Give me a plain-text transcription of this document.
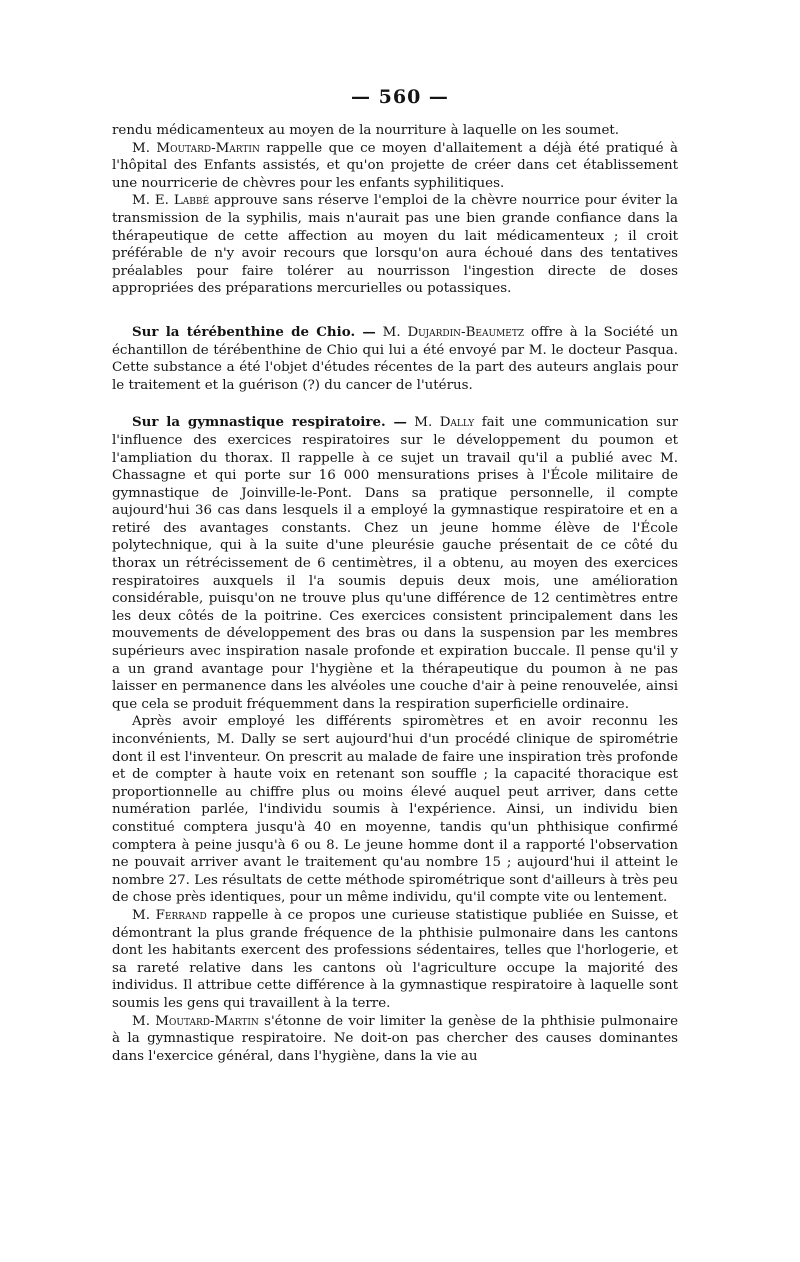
— 560 —

rendu médicamenteux au moyen de la nourriture à laquelle on les soumet.

M. Moutard-Martin rappelle que ce moyen d'allaitement a déjà été pratiqué à l'hôpital des Enfants assistés, et qu'on projette de créer dans cet établissement une nourricerie de chèvres pour les enfants syphilitiques.

M. E. Labbé approuve sans réserve l'emploi de la chèvre nourrice pour éviter la transmission de la syphilis, mais n'aurait pas une bien grande confiance dans la thérapeutique de cette affection au moyen du lait médicamenteux ; il croit préférable de n'y avoir recours que lorsqu'on aura échoué dans des tentatives préalables pour faire tolérer au nourrisson l'ingestion directe de doses appropriées des préparations mercurielles ou potassiques.

Sur la térébenthine de Chio. — M. Dujardin-Beaumetz offre à la Société un échantillon de térébenthine de Chio qui lui a été envoyé par M. le docteur Pasqua. Cette substance a été l'objet d'études récentes de la part des auteurs anglais pour le traitement et la guérison (?) du cancer de l'utérus.

Sur la gymnastique respiratoire. — M. Dally fait une communication sur l'influence des exercices respiratoires sur le développement du poumon et l'ampliation du thorax. Il rappelle à ce sujet un travail qu'il a publié avec M. Chassagne et qui porte sur 16 000 mensurations prises à l'École militaire de gymnastique de Joinville-le-Pont. Dans sa pratique personnelle, il compte aujourd'hui 36 cas dans lesquels il a employé la gymnastique respiratoire et en a retiré des avantages constants. Chez un jeune homme élève de l'École polytechnique, qui à la suite d'une pleurésie gauche présentait de ce côté du thorax un rétrécissement de 6 centimètres, il a obtenu, au moyen des exercices respiratoires auxquels il l'a soumis depuis deux mois, une amélioration considérable, puisqu'on ne trouve plus qu'une différence de 12 centimètres entre les deux côtés de la poitrine. Ces exercices consistent principalement dans les mouvements de développement des bras ou dans la suspension par les membres supérieurs avec inspiration nasale profonde et expiration buccale. Il pense qu'il y a un grand avantage pour l'hygiène et la thérapeutique du poumon à ne pas laisser en permanence dans les alvéoles une couche d'air à peine renouvelée, ainsi que cela se produit fréquemment dans la respiration superficielle ordinaire.

Après avoir employé les différents spiromètres et en avoir reconnu les inconvénients, M. Dally se sert aujourd'hui d'un procédé clinique de spirométrie dont il est l'inventeur. On prescrit au malade de faire une inspiration très profonde et de compter à haute voix en retenant son souffle ; la capacité thoracique est proportionnelle au chiffre plus ou moins élevé auquel peut arriver, dans cette numération parlée, l'individu soumis à l'expérience. Ainsi, un individu bien constitué comptera jusqu'à 40 en moyenne, tandis qu'un phthisique confirmé comptera à peine jusqu'à 6 ou 8. Le jeune homme dont il a rapporté l'observation ne pouvait arriver avant le traitement qu'au nombre 15 ; aujourd'hui il atteint le nombre 27. Les résultats de cette méthode spirométrique sont d'ailleurs à très peu de chose près identiques, pour un même individu, qu'il compte vite ou lentement.

M. Ferrand rappelle à ce propos une curieuse statistique publiée en Suisse, et démontrant la plus grande fréquence de la phthisie pulmonaire dans les cantons dont les habitants exercent des professions sédentaires, telles que l'horlogerie, et sa rareté relative dans les cantons où l'agriculture occupe la majorité des individus. Il attribue cette différence à la gymnastique respiratoire à laquelle sont soumis les gens qui travaillent à la terre.

M. Moutard-Martin s'étonne de voir limiter la genèse de la phthisie pulmonaire à la gymnastique respiratoire. Ne doit-on pas chercher des causes dominantes dans l'exercice général, dans l'hygiène, dans la vie au
